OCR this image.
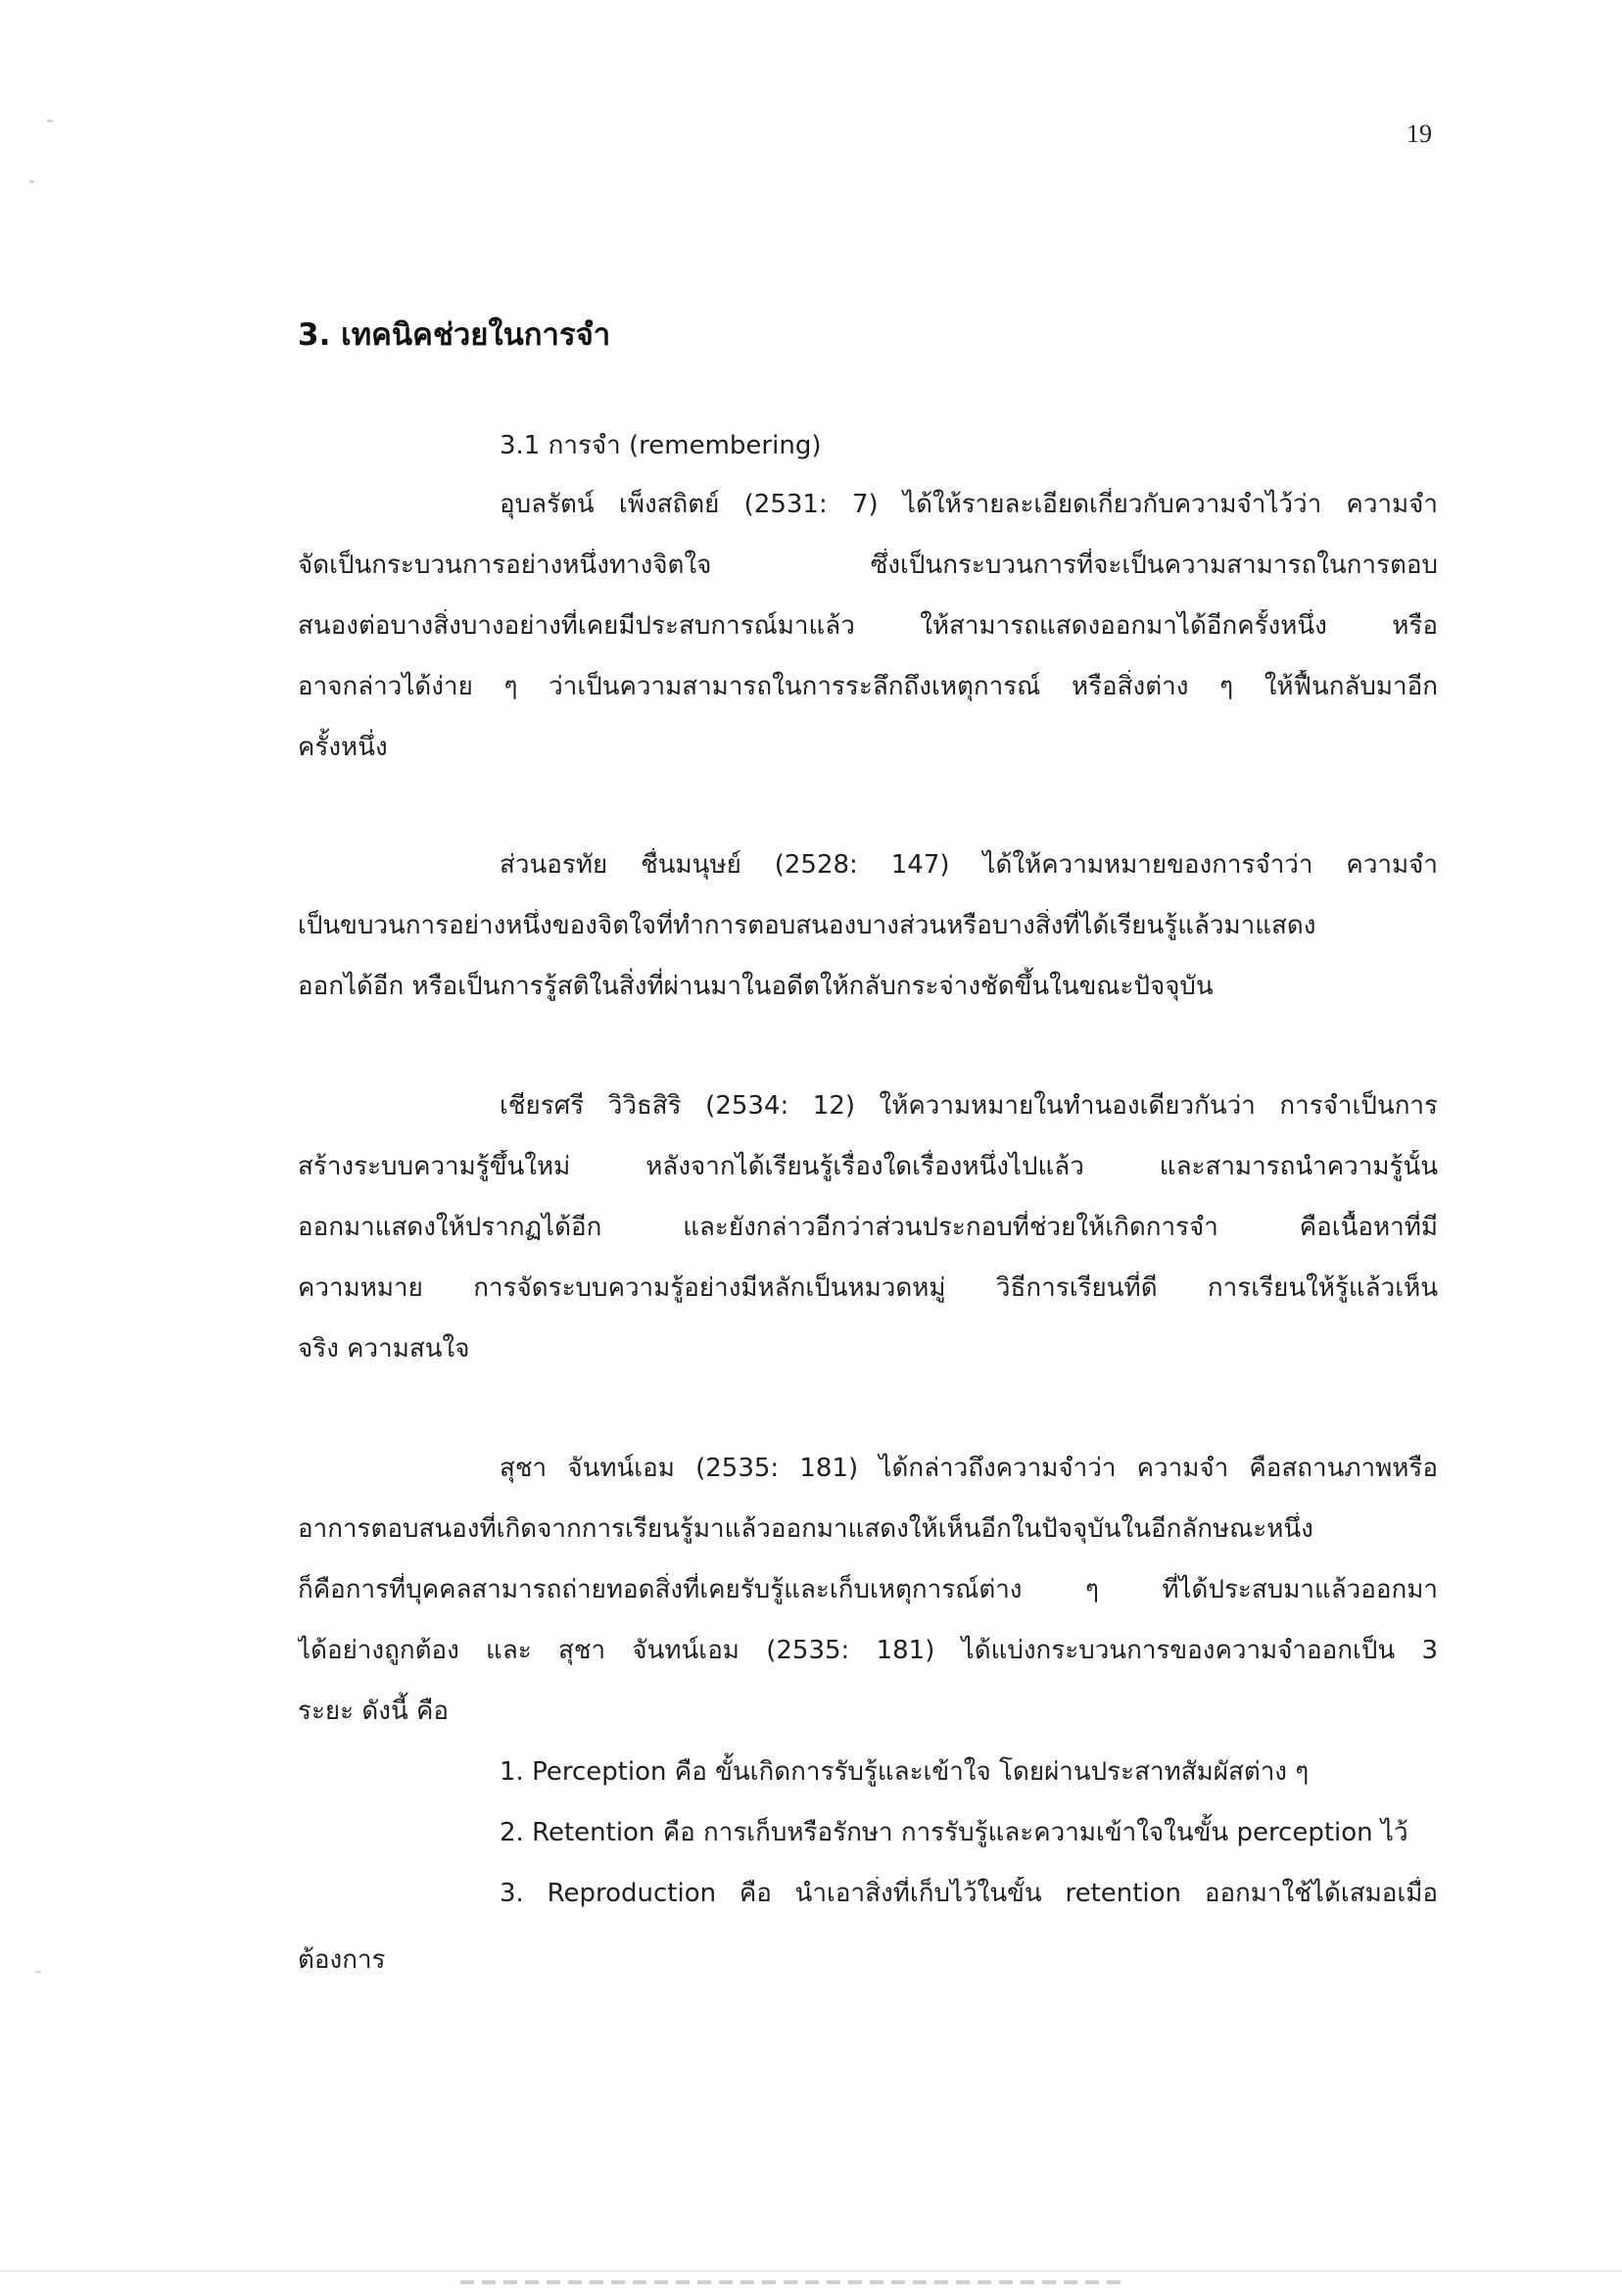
19
3. เทคนิคช่วยในการจำ
3.1 การจำ (remembering)
อุบลรัตน์ เพ็งสถิตย์ (2531: 7) ได้ให้รายละเอียดเกี่ยวกับความจำไว้ว่า ความจำ
จัดเป็นกระบวนการอย่างหนึ่งทางจิตใจ ซึ่งเป็นกระบวนการที่จะเป็นความสามารถในการตอบ
สนองต่อบางสิ่งบางอย่างที่เคยมีประสบการณ์มาแล้ว ให้สามารถแสดงออกมาได้อีกครั้งหนึ่ง หรือ
อาจกล่าวได้ง่าย ๆ ว่าเป็นความสามารถในการระลึกถึงเหตุการณ์ หรือสิ่งต่าง ๆ ให้ฟื้นกลับมาอีก
ครั้งหนึ่ง
ส่วนอรทัย ชื่นมนุษย์ (2528: 147) ได้ให้ความหมายของการจำว่า ความจำ
เป็นขบวนการอย่างหนึ่งของจิตใจที่ทำการตอบสนองบางส่วนหรือบางสิ่งที่ได้เรียนรู้แล้วมาแสดง
ออกได้อีก หรือเป็นการรู้สติในสิ่งที่ผ่านมาในอดีตให้กลับกระจ่างชัดขึ้นในขณะปัจจุบัน
เชียรศรี วิวิธสิริ (2534: 12) ให้ความหมายในทำนองเดียวกันว่า การจำเป็นการ
สร้างระบบความรู้ขึ้นใหม่ หลังจากได้เรียนรู้เรื่องใดเรื่องหนึ่งไปแล้ว และสามารถนำความรู้นั้น
ออกมาแสดงให้ปรากฏได้อีก และยังกล่าวอีกว่าส่วนประกอบที่ช่วยให้เกิดการจำ คือเนื้อหาที่มี
ความหมาย การจัดระบบความรู้อย่างมีหลักเป็นหมวดหมู่ วิธีการเรียนที่ดี การเรียนให้รู้แล้วเห็น
จริง ความสนใจ
สุชา จันทน์เอม (2535: 181) ได้กล่าวถึงความจำว่า ความจำ คือสถานภาพหรือ
อาการตอบสนองที่เกิดจากการเรียนรู้มาแล้วออกมาแสดงให้เห็นอีกในปัจจุบันในอีกลักษณะหนึ่ง
ก็คือการที่บุคคลสามารถถ่ายทอดสิ่งที่เคยรับรู้และเก็บเหตุการณ์ต่าง ๆ ที่ได้ประสบมาแล้วออกมา
ได้อย่างถูกต้อง และ สุชา จันทน์เอม (2535: 181) ได้แบ่งกระบวนการของความจำออกเป็น 3
ระยะ ดังนี้ คือ
1. Perception คือ ขั้นเกิดการรับรู้และเข้าใจ โดยผ่านประสาทสัมผัสต่าง ๆ
2. Retention คือ การเก็บหรือรักษา การรับรู้และความเข้าใจในขั้น perception ไว้
3. Reproduction คือ นำเอาสิ่งที่เก็บไว้ในขั้น retention ออกมาใช้ได้เสมอเมื่อ
ต้องการ
